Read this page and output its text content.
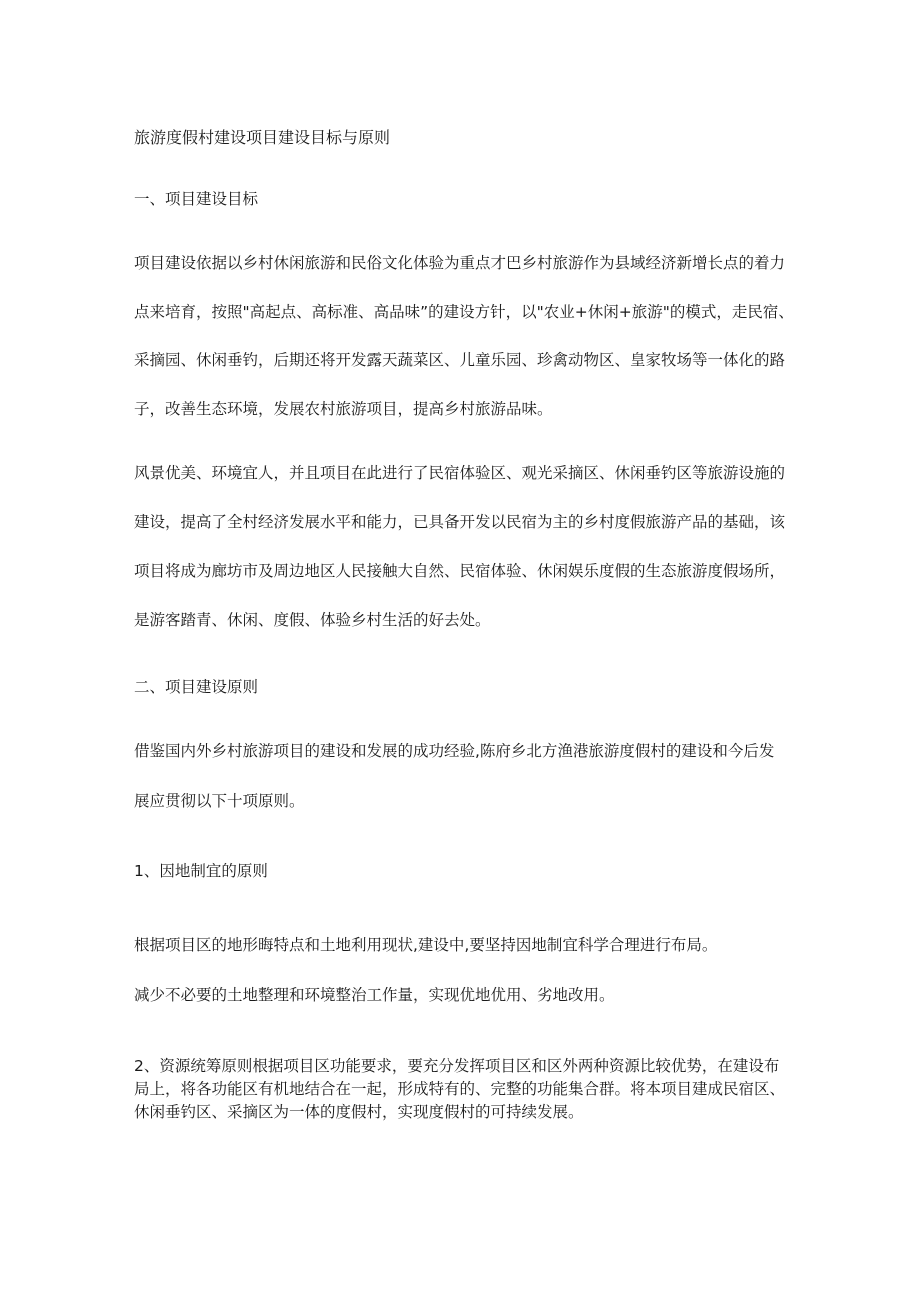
旅游度假村建设项目建设目标与原则

一、项目建设目标

项目建设依据以乡村休闲旅游和民俗文化体验为重点才巴乡村旅游作为县域经济新增长点的着力

点来培育，按照"高起点、高标准、高品味”的建设方针，以"农业+休闲+旅游"的模式，走民宿、

采摘园、休闲垂钓，后期还将开发露天蔬菜区、儿童乐园、珍禽动物区、皇家牧场等一体化的路

子，改善生态环境，发展农村旅游项目，提高乡村旅游品味。

风景优美、环境宜人，并且项目在此进行了民宿体验区、观光采摘区、休闲垂钓区等旅游设施的

建设，提高了全村经济发展水平和能力，已具备开发以民宿为主的乡村度假旅游产品的基础，该

项目将成为廊坊市及周边地区人民接触大自然、民宿体验、休闲娱乐度假的生态旅游度假场所，

是游客踏青、休闲、度假、体验乡村生活的好去处。

二、项目建设原则

借鉴国内外乡村旅游项目的建设和发展的成功经验,陈府乡北方渔港旅游度假村的建设和今后发

展应贯彻以下十项原则。

1、因地制宜的原则

根据项目区的地形晦特点和土地利用现状,建设中,要坚持因地制宜科学合理进行布局。

减少不必要的土地整理和环境整治工作量，实现优地优用、劣地改用。

2、资源统筹原则根据项目区功能要求，要充分发挥项目区和区外两种资源比较优势，在建设布

局上，将各功能区有机地结合在一起，形成特有的、完整的功能集合群。将本项目建成民宿区、

休闲垂钓区、采摘区为一体的度假村，实现度假村的可持续发展。
